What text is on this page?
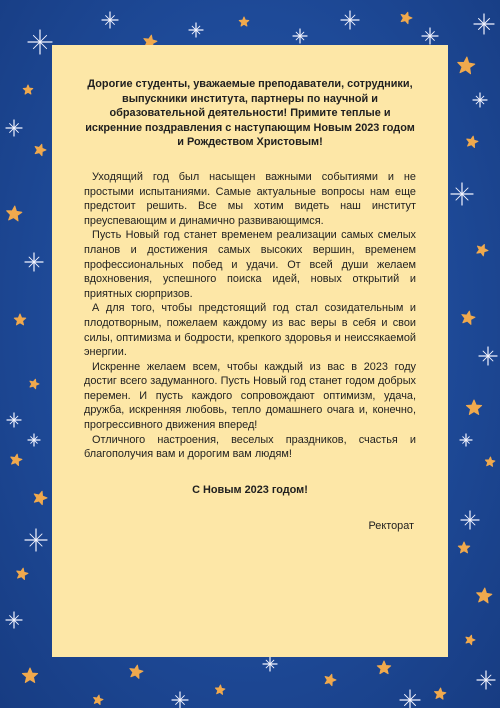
Дорогие студенты, уважаемые преподаватели, сотрудники, выпускники института, партнеры по научной и образовательной деятельности! Примите теплые и искренние поздравления с наступающим Новым 2023 годом и Рождеством Христовым!

Уходящий год был насыщен важными событиями и не простыми испытаниями. Самые актуальные вопросы нам еще предстоит решить. Все мы хотим видеть наш институт преуспевающим и динамично развивающимся.

Пусть Новый год станет временем реализации самых смелых планов и достижения самых высоких вершин, временем профессиональных побед и удачи. От всей души желаем вдохновения, успешного поиска идей, новых открытий и приятных сюрпризов.

А для того, чтобы предстоящий год стал созидательным и плодотворным, пожелаем каждому из вас веры в себя и свои силы, оптимизма и бодрости, крепкого здоровья и неиссякаемой энергии.

Искренне желаем всем, чтобы каждый из вас в 2023 году достиг всего задуманного. Пусть Новый год станет годом добрых перемен. И пусть каждого сопровождают оптимизм, удача, дружба, искренняя любовь, тепло домашнего очага и, конечно, прогрессивного движения вперед!

Отличного настроения, веселых праздников, счастья и благополучия вам и дорогим вам людям!

С Новым 2023 годом!

Ректорат
